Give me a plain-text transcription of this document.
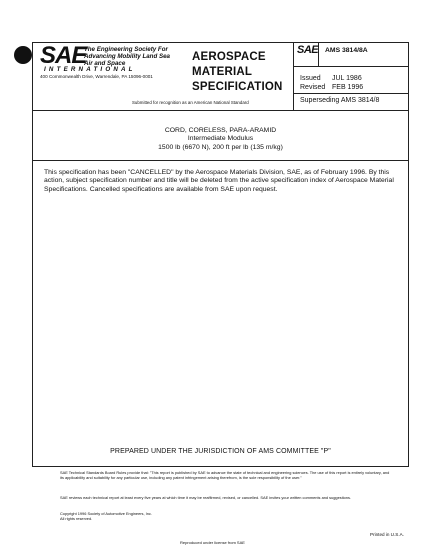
SAE
The Engineering Society For Advancing Mobility Land Sea Air and Space
INTERNATIONAL
400 Commonwealth Drive, Warrendale, PA 15096-0001
AEROSPACE
MATERIAL
SPECIFICATION
SAE AMS 3814/8A
Issued JUL 1986
Revised FEB 1996
Superseding AMS 3814/8
Submitted for recognition as an American National Standard
CORD, CORELESS, PARA-ARAMID
Intermediate Modulus
1500 lb (6670 N), 200 ft per lb (135 m/kg)
This specification has been "CANCELLED" by the Aerospace Materials Division, SAE, as of February 1996. By this action, subject specification number and title will be deleted from the active specification index of Aerospace Material Specifications. Cancelled specifications are available from SAE upon request.
PREPARED UNDER THE JURISDICTION OF AMS COMMITTEE "P"
SAE Technical Standards Board Rules provide that: "This report is published by SAE to advance the state of technical and engineering sciences. The use of this report is entirely voluntary, and its applicability and suitability for any particular use, including any patent infringement arising therefrom, is the sole responsibility of the user."
SAE reviews each technical report at least every five years at which time it may be reaffirmed, revised, or cancelled. SAE invites your written comments and suggestions.
Copyright 1996 Society of Automotive Engineers, Inc.
All rights reserved.
Printed in U.S.A.
Reproduced under license from SAE
